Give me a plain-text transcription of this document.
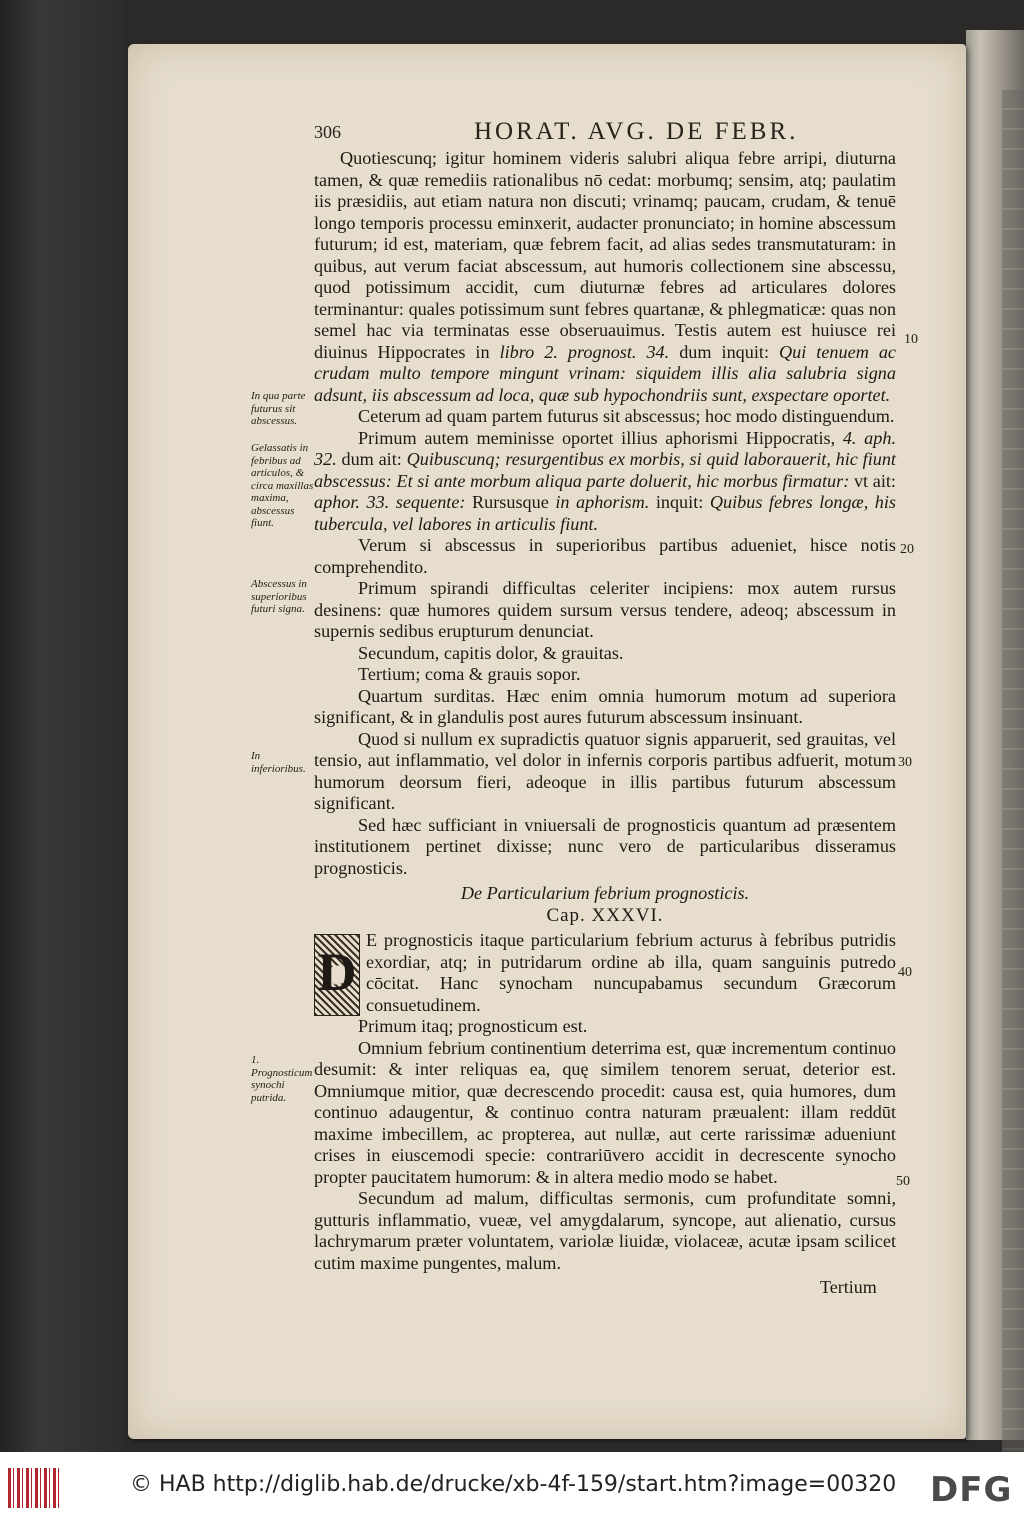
306	HORAT. AVG. DE FEBR.
In qua parte futurus sit abscessus.
Gelassatis in febribus ad articulos, & circa maxillas maxima, abscessus fiunt.
Abscessus in superioribus futuri signa.
In inferioribus.
1. Prognosticum synochi putrida.
10
20
30
40
50

Quotiescunq; igitur hominem videris salubri aliqua febre arripi, diuturna tamen, & quæ remediis rationalibus nō cedat: morbumq; sensim, atq; paulatim iis præsidiis, aut etiam natura non discuti; vrinamq; paucam, crudam, & tenuē longo temporis processu eminxerit, audacter pronunciato; in homine abscessum futurum; id est, materiam, quæ febrem facit, ad alias sedes transmutaturam: in quibus, aut verum faciat abscessum, aut humoris collectionem sine abscessu, quod potissimum accidit, cum diuturnæ febres ad articulares dolores terminantur: quales potissimum sunt febres quartanæ, & phlegmaticæ: quas non semel hac via terminatas esse obseruauimus. Testis autem est huiusce rei diuinus Hippocrates in libro 2. prognost. 34. dum inquit: Qui tenuem ac crudam multo tempore mingunt vrinam: siquidem illis alia salubria signa adsunt, iis abscessum ad loca, quæ sub hypochondriis sunt, exspectare oportet.

Ceterum ad quam partem futurus sit abscessus; hoc modo distinguendum.

Primum autem meminisse oportet illius aphorismi Hippocratis, 4. aph. 32. dum ait: Quibuscunq; resurgentibus ex morbis, si quid laborauerit, hic fiunt abscessus: Et si ante morbum aliqua parte doluerit, hic morbus firmatur: vt ait: aphor. 33. sequente: Rursusque in aphorism. inquit: Quibus febres longæ, his tubercula, vel labores in articulis fiunt.

Verum si abscessus in superioribus partibus adueniet, hisce notis comprehendito.

Primum spirandi difficultas celeriter incipiens: mox autem rursus desinens: quæ humores quidem sursum versus tendere, adeoq; abscessum in supernis sedibus erupturum denunciat.

Secundum, capitis dolor, & grauitas.

Tertium; coma & grauis sopor.

Quartum surditas. Hæc enim omnia humorum motum ad superiora significant, & in glandulis post aures futurum abscessum insinuant.

Quod si nullum ex supradictis quatuor signis apparuerit, sed grauitas, vel tensio, aut inflammatio, vel dolor in infernis corporis partibus adfuerit, motum humorum deorsum fieri, adeoque in illis partibus futurum abscessum significant.

Sed hæc sufficiant in vniuersali de prognosticis quantum ad præsentem institutionem pertinet dixisse; nunc vero de particularibus disseramus prognosticis.

De Particularium febrium prognosticis.

Cap. XXXVI.

D
E prognosticis itaque particularium febrium acturus à febribus putridis exordiar, atq; in putridarum ordine ab illa, quam sanguinis putredo cōcitat. Hanc synocham nuncupabamus secundum Græcorum consuetudinem.

Primum itaq; prognosticum est.

Omnium febrium continentium deterrima est, quæ incrementum continuo desumit: & inter reliquas ea, quę similem tenorem seruat, deterior est. Omniumque mitior, quæ decrescendo procedit: causa est, quia humores, dum continuo adaugentur, & continuo contra naturam præualent: illam reddūt maxime imbecillem, ac propterea, aut nullæ, aut certe rarissimæ adueniunt crises in eiuscemodi specie: contrariūvero accidit in decrescente synocho propter paucitatem humorum: & in altera medio modo se habet.

Secundum ad malum, difficultas sermonis, cum profunditate somni, gutturis inflammatio, vueæ, vel amygdalarum, syncope, aut alienatio, cursus lachrymarum præter voluntatem, variolæ liuidæ, violaceæ, acutæ ipsam scilicet cutim maxime pungentes, malum.

Tertium
© HAB http://diglib.hab.de/drucke/xb-4f-159/start.htm?image=00320 DFG
